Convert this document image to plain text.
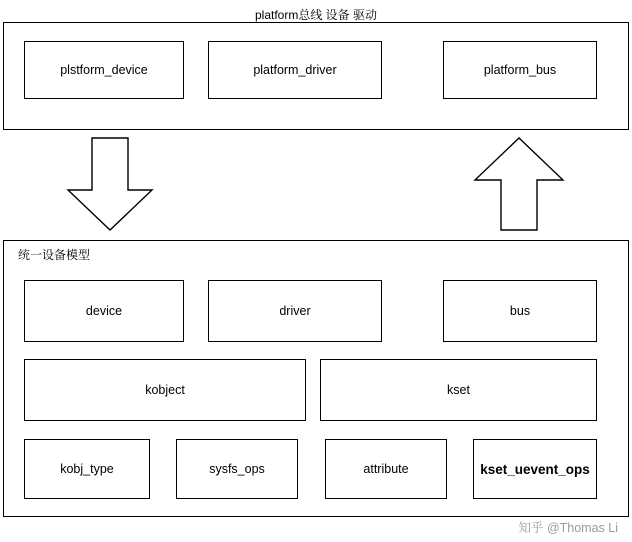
platform总线 设备 驱动
plstform_device	platform_driver	platform_bus
统一设备模型
device	driver	bus
kobject	kset
kobj_type	sysfs_ops	attribute	kset_uevent_ops
知乎 @Thomas Li
